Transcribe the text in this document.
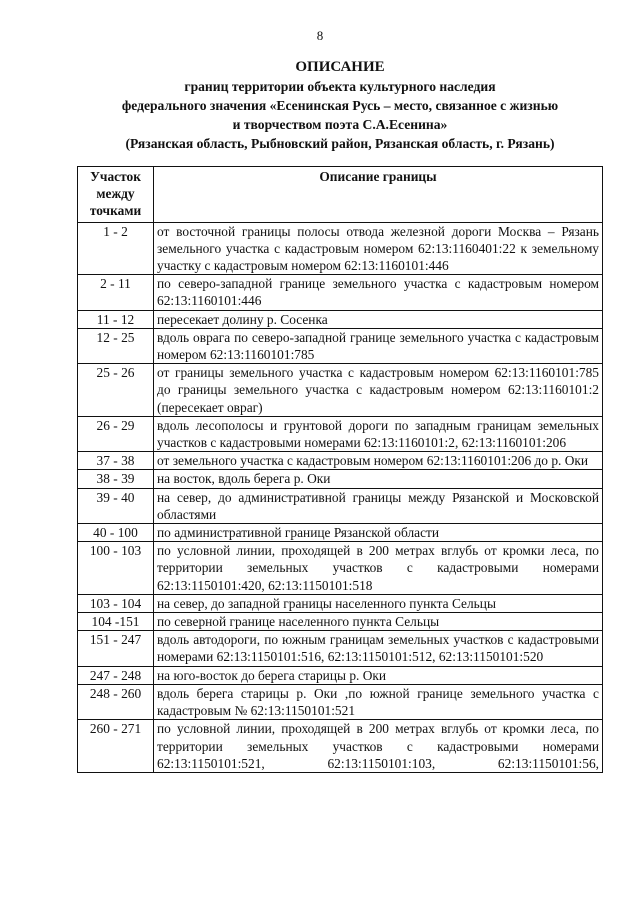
8
ОПИСАНИЕ
границ территории объекта культурного наследия
федерального значения «Есенинская Русь – место, связанное с жизнью
и творчеством поэта С.А.Есенина»
(Рязанская область, Рыбновский район, Рязанская область, г. Рязань)
Участок между точками	Описание границы
1 - 2	от восточной границы полосы отвода железной дороги Москва – Рязань земельного участка с кадастровым номером 62:13:1160401:22 к земельному участку с кадастровым номером 62:13:1160101:446
2 - 11	по северо-западной границе земельного участка с кадастровым номером 62:13:1160101:446
11 - 12	пересекает долину р. Сосенка
12 - 25	вдоль оврага по северо-западной границе земельного участка с кадастровым номером 62:13:1160101:785
25 - 26	от границы земельного участка с кадастровым номером 62:13:1160101:785 до границы земельного участка с кадастровым номером 62:13:1160101:2 (пересекает овраг)
26 - 29	вдоль лесополосы и грунтовой дороги по западным границам земельных участков с кадастровыми номерами 62:13:1160101:2, 62:13:1160101:206
37 - 38	от земельного участка с кадастровым номером 62:13:1160101:206 до р. Оки
38 - 39	на восток, вдоль берега р. Оки
39 - 40	на север, до административной границы между Рязанской и Московской областями
40 - 100	по административной границе Рязанской области
100 - 103	по условной линии, проходящей в 200 метрах вглубь от кромки леса, по территории земельных участков с кадастровыми номерами 62:13:1150101:420, 62:13:1150101:518
103 - 104	на север, до западной границы населенного пункта Сельцы
104 -151	по северной границе населенного пункта Сельцы
151 - 247	вдоль автодороги, по южным границам земельных участков с кадастровыми номерами 62:13:1150101:516, 62:13:1150101:512, 62:13:1150101:520
247 - 248	на юго-восток до берега старицы р. Оки
248 - 260	вдоль берега старицы р. Оки ,по южной границе земельного участка с кадастровым № 62:13:1150101:521
260 - 271	по условной линии, проходящей в 200 метрах вглубь от кромки леса, по территории земельных участков с кадастровыми номерами 62:13:1150101:521, 62:13:1150101:103, 62:13:1150101:56,
